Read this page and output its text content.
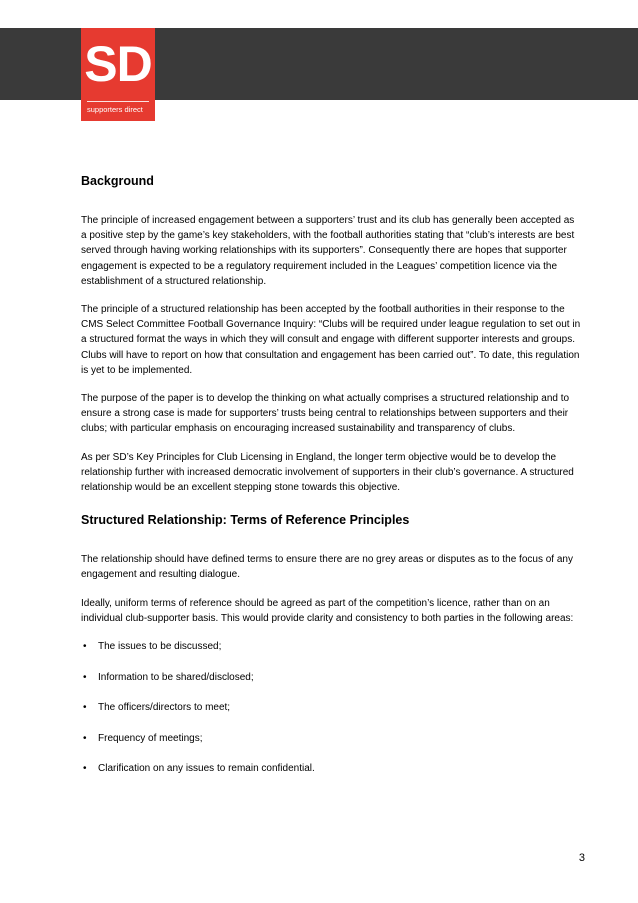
SD
supporters direct
Background

The principle of increased engagement between a supporters’ trust and its club has generally been accepted as a positive step by the game’s key stakeholders, with the football authorities stating that “club’s interests are best served through having working relationships with its supporters”. Consequently there are hopes that supporter engagement is expected to be a regulatory requirement included in the Leagues’ competition licence via the establishment of a structured relationship.

The principle of a structured relationship has been accepted by the football authorities in their response to the CMS Select Committee Football Governance Inquiry: “Clubs will be required under league regulation to set out in a structured format the ways in which they will consult and engage with different supporter interests and groups. Clubs will have to report on how that consultation and engagement has been carried out”. To date, this regulation is yet to be implemented.

The purpose of the paper is to develop the thinking on what actually comprises a structured relationship and to ensure a strong case is made for supporters’ trusts being central to relationships between supporters and their clubs; with particular emphasis on encouraging increased sustainability and transparency of clubs.

As per SD’s Key Principles for Club Licensing in England, the longer term objective would be to develop the relationship further with increased democratic involvement of supporters in their club’s governance. A structured relationship would be an excellent stepping stone towards this objective.

Structured Relationship: Terms of Reference Principles

The relationship should have defined terms to ensure there are no grey areas or disputes as to the focus of any engagement and resulting dialogue.

Ideally, uniform terms of reference should be agreed as part of the competition’s licence, rather than on an individual club-supporter basis. This would provide clarity and consistency to both parties in the following areas:

• The issues to be discussed;
• Information to be shared/disclosed;
• The officers/directors to meet;
• Frequency of meetings;
• Clarification on any issues to remain confidential.
3
